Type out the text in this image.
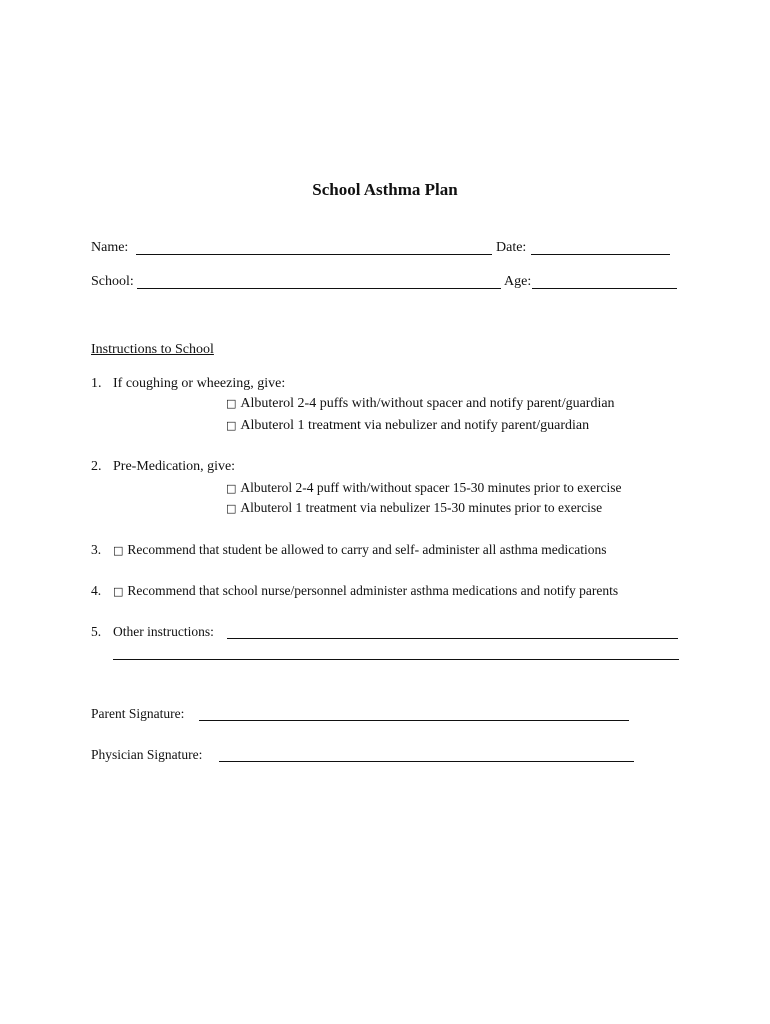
School Asthma Plan
Name:	Date:
School:	Age:
Instructions to School
1. If coughing or wheezing, give:
□ Albuterol 2-4 puffs with/without spacer and notify parent/guardian
□ Albuterol 1 treatment via nebulizer and notify parent/guardian
2. Pre-Medication, give:
□ Albuterol 2-4 puff with/without spacer 15-30 minutes prior to exercise
□ Albuterol 1 treatment via nebulizer 15-30 minutes prior to exercise
3. □ Recommend that student be allowed to carry and self- administer all asthma medications
4. □ Recommend that school nurse/personnel administer asthma medications and notify parents
5. Other instructions:
Parent Signature:
Physician Signature:
